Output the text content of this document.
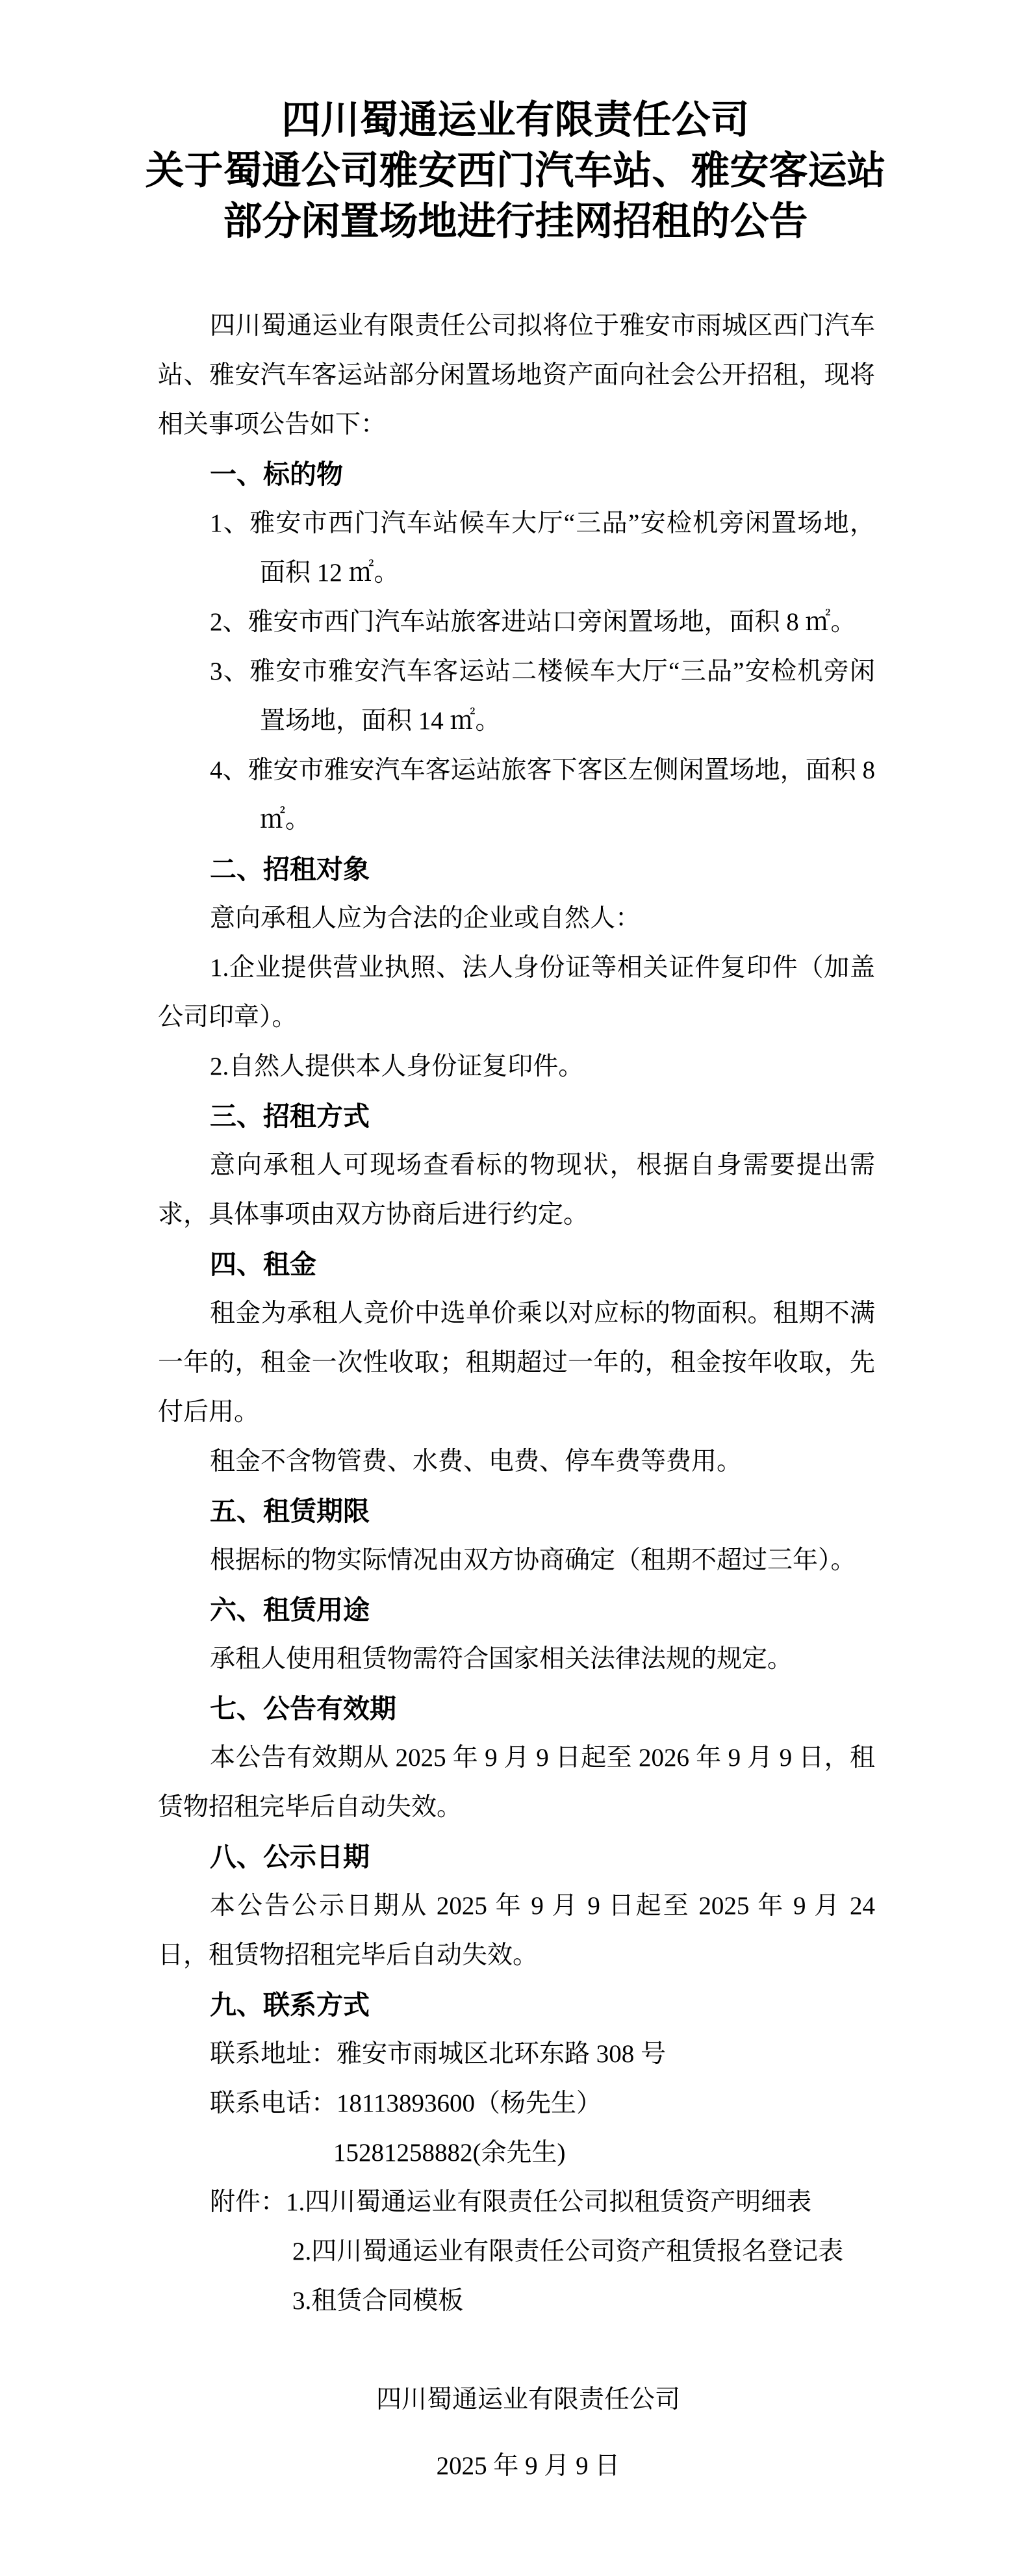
四川蜀通运业有限责任公司
关于蜀通公司雅安西门汽车站、雅安客运站
部分闲置场地进行挂网招租的公告

四川蜀通运业有限责任公司拟将位于雅安市雨城区西门汽车站、雅安汽车客运站部分闲置场地资产面向社会公开招租，现将相关事项公告如下：

一、标的物

1、雅安市西门汽车站候车大厅“三品”安检机旁闲置场地，面积 12 ㎡。

2、雅安市西门汽车站旅客进站口旁闲置场地，面积 8 ㎡。

3、雅安市雅安汽车客运站二楼候车大厅“三品”安检机旁闲置场地，面积 14 ㎡。

4、雅安市雅安汽车客运站旅客下客区左侧闲置场地，面积 8 ㎡。

二、招租对象

意向承租人应为合法的企业或自然人：

1.企业提供营业执照、法人身份证等相关证件复印件（加盖公司印章）。

2.自然人提供本人身份证复印件。

三、招租方式

意向承租人可现场查看标的物现状，根据自身需要提出需求，具体事项由双方协商后进行约定。

四、租金

租金为承租人竞价中选单价乘以对应标的物面积。租期不满一年的，租金一次性收取；租期超过一年的，租金按年收取，先付后用。

租金不含物管费、水费、电费、停车费等费用。

五、租赁期限

根据标的物实际情况由双方协商确定（租期不超过三年）。

六、租赁用途

承租人使用租赁物需符合国家相关法律法规的规定。

七、公告有效期

本公告有效期从 2025 年 9 月 9 日起至 2026 年 9 月 9 日，租赁物招租完毕后自动失效。

八、公示日期

本公告公示日期从 2025 年 9 月 9 日起至 2025 年 9 月 24 日，租赁物招租完毕后自动失效。

九、联系方式

联系地址：雅安市雨城区北环东路 308 号

联系电话：18113893600（杨先生）

15281258882(余先生)

附件：1.四川蜀通运业有限责任公司拟租赁资产明细表

2.四川蜀通运业有限责任公司资产租赁报名登记表

3.租赁合同模板

四川蜀通运业有限责任公司

2025 年 9 月 9 日
